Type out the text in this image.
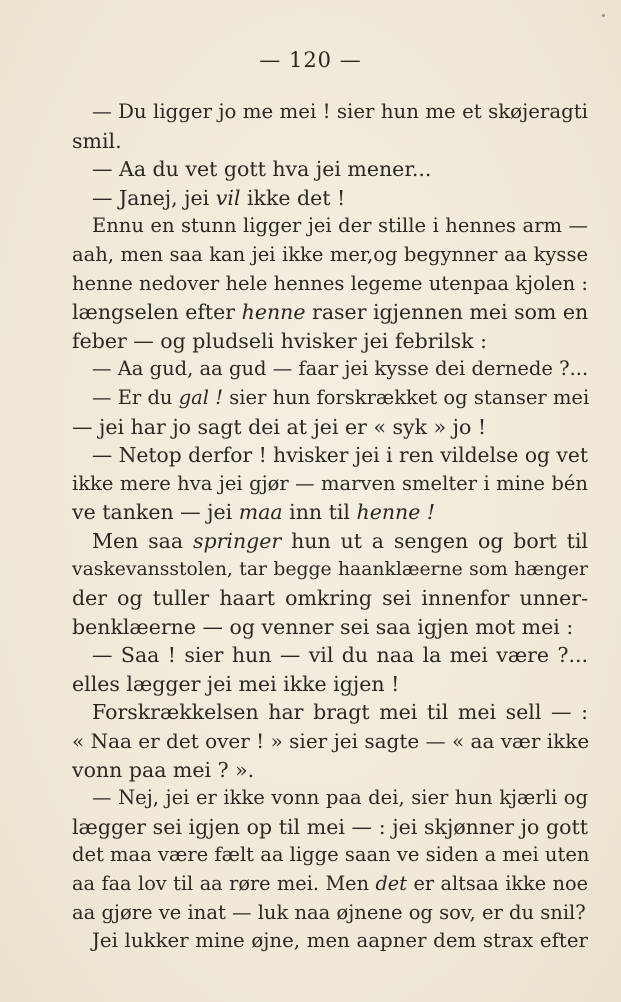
— 120 —
— Du ligger jo me mei ! sier hun me et skøjeragti
smil.
— Aa du vet gott hva jei mener...
— Janej, jei vil ikke det !
Ennu en stunn ligger jei der stille i hennes arm —
aah, men saa kan jei ikke mer,og begynner aa kysse
henne nedover hele hennes legeme utenpaa kjolen :
længselen efter henne raser igjennen mei som en
feber — og pludseli hvisker jei febrilsk :
— Aa gud, aa gud — faar jei kysse dei dernede ?...
— Er du gal ! sier hun forskrækket og stanser mei
— jei har jo sagt dei at jei er « syk » jo !
— Netop derfor ! hvisker jei i ren vildelse og vet
ikke mere hva jei gjør — marven smelter i mine bén
ve tanken — jei maa inn til henne !
Men saa springer hun ut a sengen og bort til
vaskevansstolen, tar begge haanklæerne som hænger
der og tuller haart omkring sei innenfor unner-
benklæerne — og venner sei saa igjen mot mei :
— Saa ! sier hun — vil du naa la mei være ?...
elles lægger jei mei ikke igjen !
Forskrækkelsen har bragt mei til mei sell — :
« Naa er det over ! » sier jei sagte — « aa vær ikke
vonn paa mei ? ».
— Nej, jei er ikke vonn paa dei, sier hun kjærli og
lægger sei igjen op til mei — : jei skjønner jo gott
det maa være fælt aa ligge saan ve siden a mei uten
aa faa lov til aa røre mei. Men det er altsaa ikke noe
aa gjøre ve inat — luk naa øjnene og sov, er du snil?
Jei lukker mine øjne, men aapner dem strax efter
